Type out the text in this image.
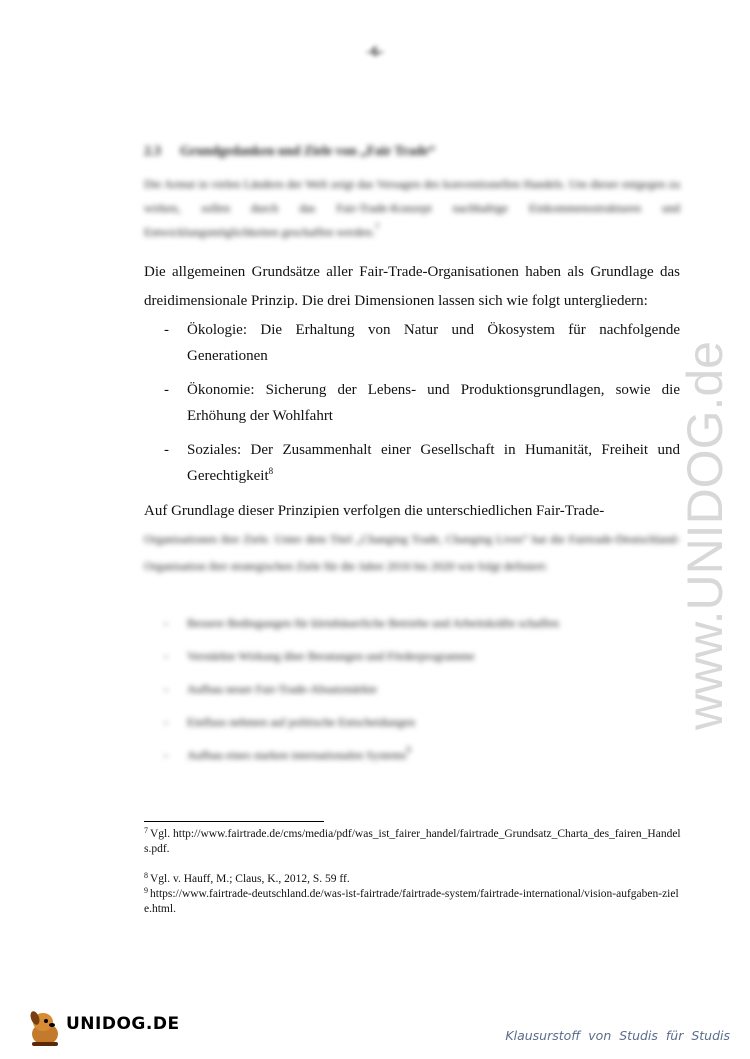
-6-
2.3 Grundgedanken und Ziele von „Fair Trade“
Die Armut in vielen Ländern der Welt zeigt das Versagen des konventionellen Handels. Um dieser entgegen zu wirken, sollen durch das Fair-Trade-Konzept nachhaltige Einkommensstrukturen und Entwicklungsmöglichkeiten geschaffen werden.$^7$
Die allgemeinen Grundsätze aller Fair-Trade-Organisationen haben als Grundlage das dreidimensionale Prinzip. Die drei Dimensionen lassen sich wie folgt untergliedern:
- Ökologie: Die Erhaltung von Natur und Ökosystem für nachfolgende Generationen
- Ökonomie: Sicherung der Lebens- und Produktionsgrundlagen, sowie die Erhöhung der Wohlfahrt
- Soziales: Der Zusammenhalt einer Gesellschaft in Humanität, Freiheit und Gerechtigkeit$^8$
Auf Grundlage dieser Prinzipien verfolgen die unterschiedlichen Fair-Trade-
Organisationen ihre Ziele. Unter dem Titel „Changing Trade, Changing Lives“ hat die Fairtrade-Deutschland-Organisation ihre strategischen Ziele für die Jahre 2016 bis 2020 wie folgt definiert:
- Bessere Bedingungen für kleinbäuerliche Betriebe und Arbeitskräfte schaffen
- Verstärkte Wirkung über Beratungen und Förderprogramme
- Aufbau neuer Fair-Trade-Absatzmärkte
- Einfluss nehmen auf politische Entscheidungen
- Aufbau eines starken internationalen Systems$^9$
$^7$ Vgl. http://www.fairtrade.de/cms/media/pdf/was_ist_fairer_handel/fairtrade_Grundsatz_Charta_des_fairen_Handels.pdf.
$^8$ Vgl. v. Hauff, M.; Claus, K., 2012, S. 59 ff.
$^9$ https://www.fairtrade-deutschland.de/was-ist-fairtrade/fairtrade-system/fairtrade-international/vision-aufgaben-ziele.html.
www.UNIDOG.de
UNIDOG.DE
Klausurstoff von Studis für Studis
